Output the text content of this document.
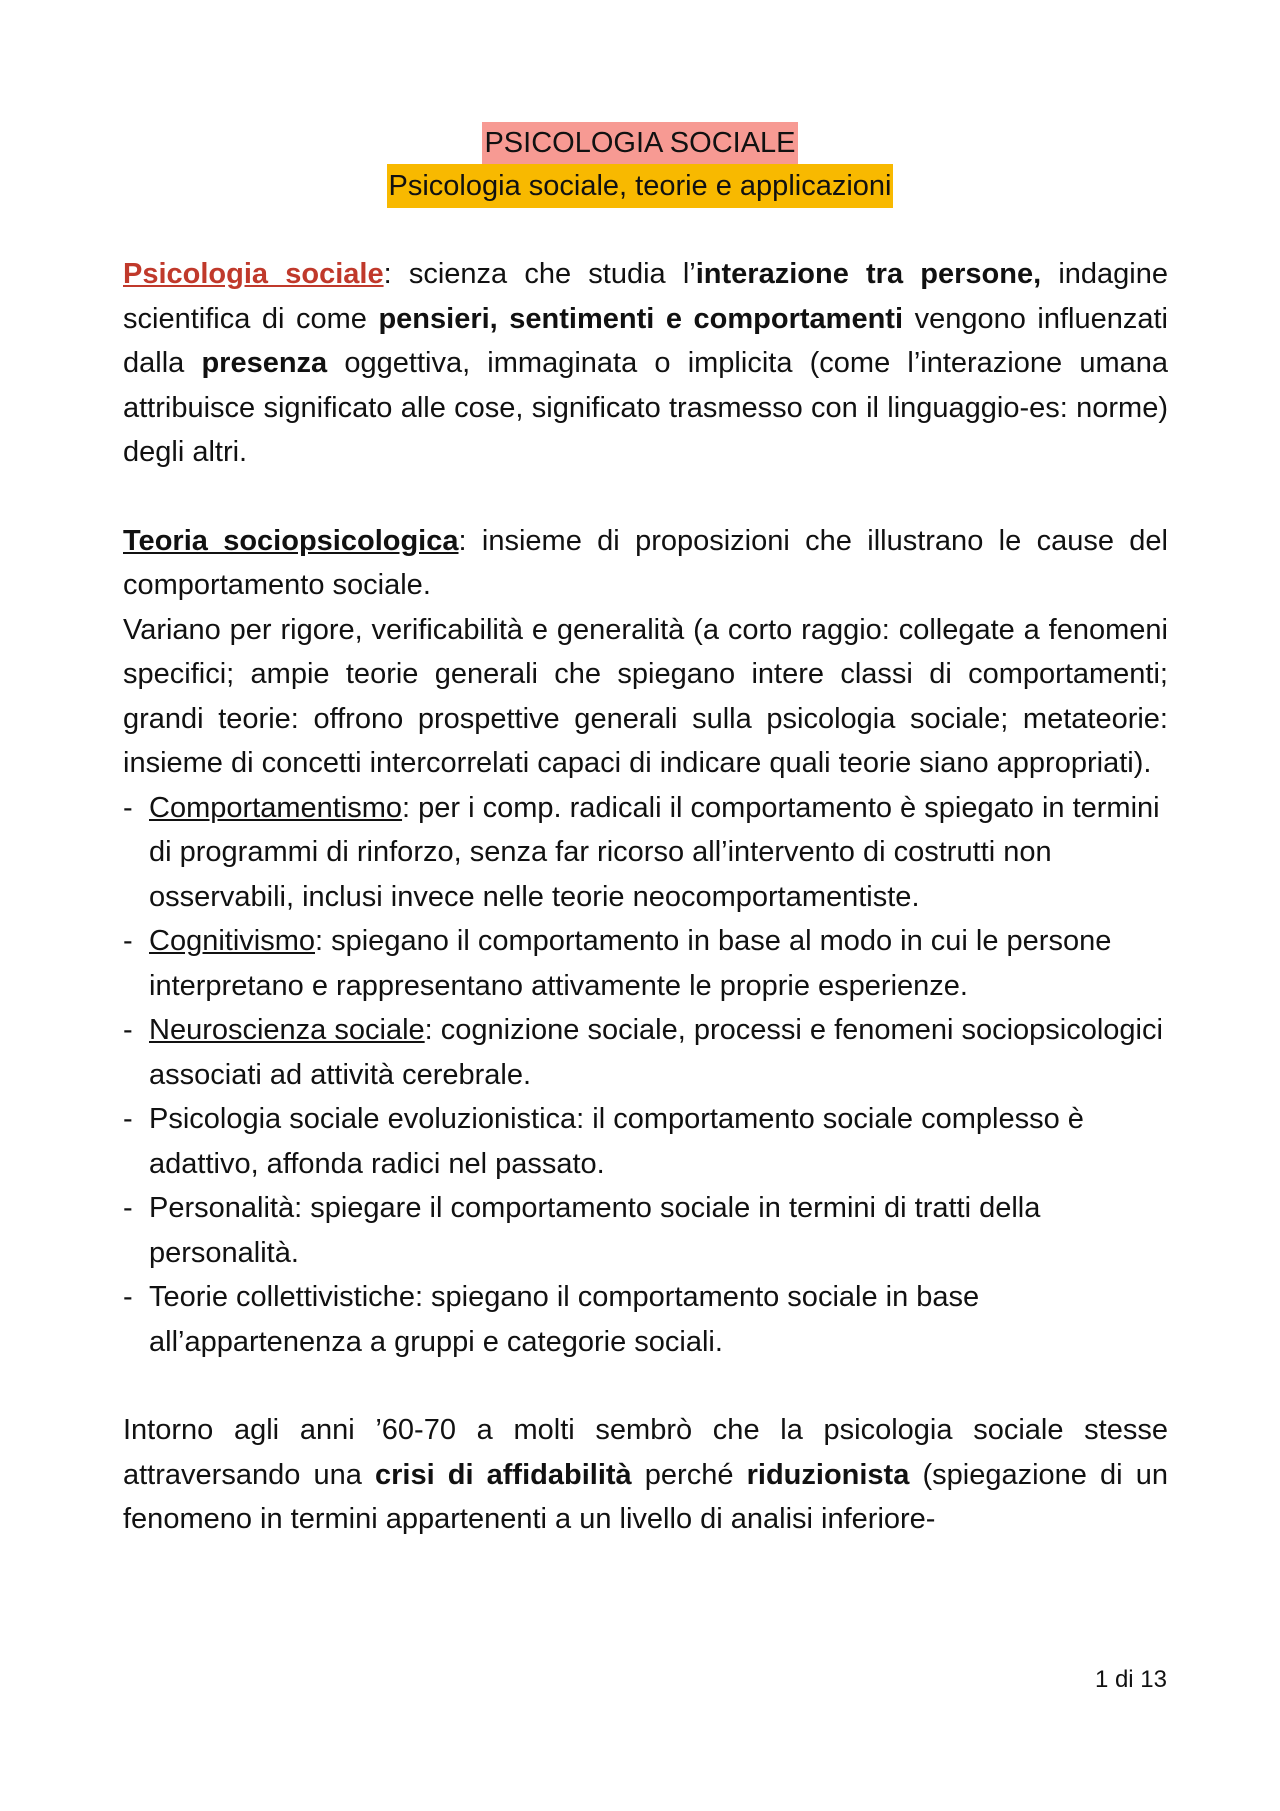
PSICOLOGIA SOCIALE
Psicologia sociale, teorie e applicazioni

Psicologia sociale: scienza che studia l’interazione tra persone, indagine scientifica di come pensieri, sentimenti e comportamenti vengono influenzati dalla presenza oggettiva, immaginata o implicita (come l’interazione umana attribuisce significato alle cose, significato trasmesso con il linguaggio-es: norme) degli altri.

Teoria sociopsicologica: insieme di proposizioni che illustrano le cause del comportamento sociale.

Variano per rigore, verificabilità e generalità (a corto raggio: collegate a fenomeni specifici; ampie teorie generali che spiegano intere classi di comportamenti; grandi teorie: offrono prospettive generali sulla psicologia sociale; metateorie: insieme di concetti intercorrelati capaci di indicare quali teorie siano appropriati).

- Comportamentismo: per i comp. radicali il comportamento è spiegato in termini di programmi di rinforzo, senza far ricorso all’intervento di costrutti non osservabili, inclusi invece nelle teorie neocomportamentiste.
- Cognitivismo: spiegano il comportamento in base al modo in cui le persone interpretano e rappresentano attivamente le proprie esperienze.
- Neuroscienza sociale: cognizione sociale, processi e fenomeni sociopsicologici associati ad attività cerebrale.
- Psicologia sociale evoluzionistica: il comportamento sociale complesso è adattivo, affonda radici nel passato.
- Personalità: spiegare il comportamento sociale in termini di tratti della personalità.
- Teorie collettivistiche: spiegano il comportamento sociale in base all’appartenenza a gruppi e categorie sociali.

Intorno agli anni ’60-70 a molti sembrò che la psicologia sociale stesse attraversando una crisi di affidabilità perché riduzionista (spiegazione di un fenomeno in termini appartenenti a un livello di analisi inferiore-

1 di 13
